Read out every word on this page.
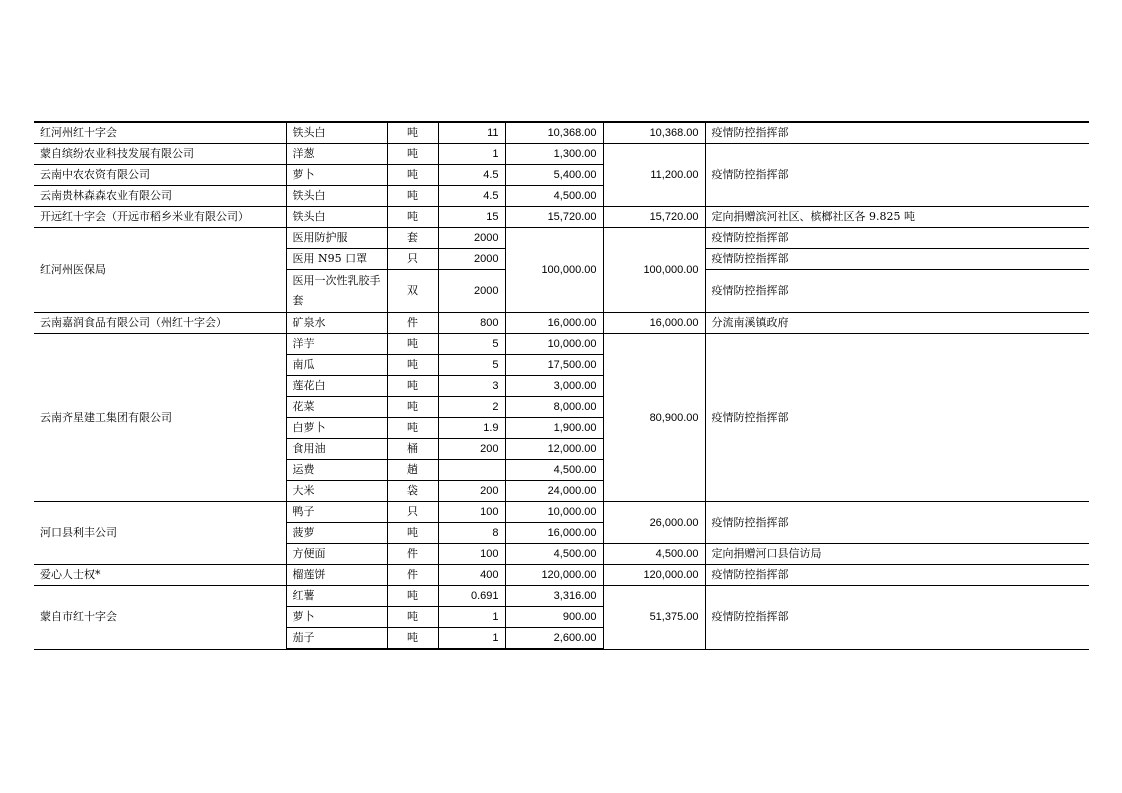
红河州红十字会	铁头白	吨	11	10,368.00	10,368.00	疫情防控指挥部
蒙自缤纷农业科技发展有限公司	洋葱	吨	1	1,300.00	11,200.00	疫情防控指挥部
云南中农农资有限公司	萝卜	吨	4.5	5,400.00		
云南贵林森森农业有限公司	铁头白	吨	4.5	4,500.00		
开远红十字会（开远市稻乡米业有限公司）	铁头白	吨	15	15,720.00	15,720.00	定向捐赠滨河社区、槟榔社区各 9.825 吨
红河州医保局	医用防护服	套	2000	100,000.00	100,000.00	疫情防控指挥部
	医用 N95 口罩	只	2000			疫情防控指挥部
	医用一次性乳胶手套	双	2000			疫情防控指挥部
云南嘉润食品有限公司（州红十字会）	矿泉水	件	800	16,000.00	16,000.00	分流南溪镇政府
云南齐星建工集团有限公司	洋芋	吨	5	10,000.00	80,900.00	疫情防控指挥部
	南瓜	吨	5	17,500.00		
	莲花白	吨	3	3,000.00		
	花菜	吨	2	8,000.00		
	白萝卜	吨	1.9	1,900.00		
	食用油	桶	200	12,000.00		
	运费	趟		4,500.00		
	大米	袋	200	24,000.00		
河口县利丰公司	鸭子	只	100	10,000.00	26,000.00	疫情防控指挥部
	菠萝	吨	8	16,000.00		
	方便面	件	100	4,500.00	4,500.00	定向捐赠河口县信访局
爱心人士权*	榴莲饼	件	400	120,000.00	120,000.00	疫情防控指挥部
蒙自市红十字会	红薯	吨	0.691	3,316.00	51,375.00	疫情防控指挥部
	萝卜	吨	1	900.00		
	茄子	吨	1	2,600.00		
